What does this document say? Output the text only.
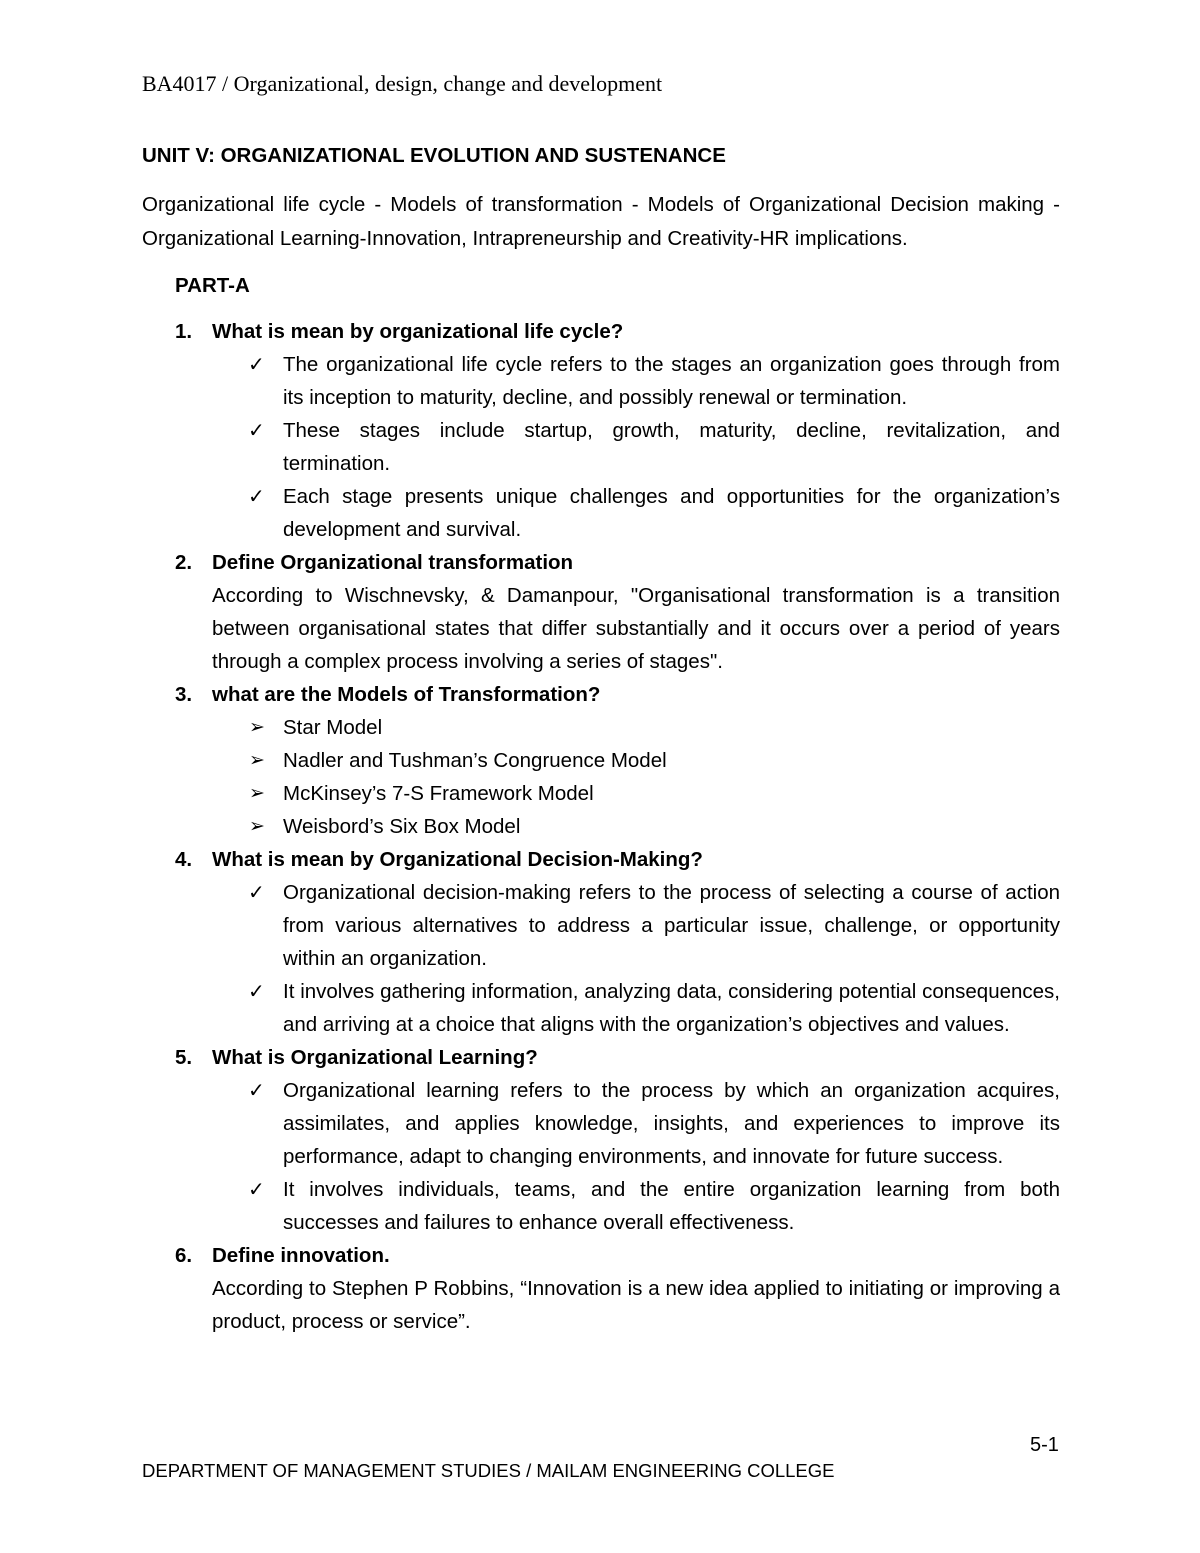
BA4017 / Organizational, design, change and development

UNIT V: ORGANIZATIONAL EVOLUTION AND SUSTENANCE

Organizational life cycle - Models of transformation - Models of Organizational Decision making - Organizational Learning-Innovation, Intrapreneurship and Creativity-HR implications.

PART-A

1. What is mean by organizational life cycle?
✓ The organizational life cycle refers to the stages an organization goes through from its inception to maturity, decline, and possibly renewal or termination.
✓ These stages include startup, growth, maturity, decline, revitalization, and termination.
✓ Each stage presents unique challenges and opportunities for the organization’s development and survival.
2. Define Organizational transformation
According to Wischnevsky, & Damanpour, "Organisational transformation is a transition between organisational states that differ substantially and it occurs over a period of years through a complex process involving a series of stages".
3. what are the Models of Transformation?
➢ Star Model
➢ Nadler and Tushman’s Congruence Model
➢ McKinsey’s 7-S Framework Model
➢ Weisbord’s Six Box Model
4. What is mean by Organizational Decision-Making?
✓ Organizational decision-making refers to the process of selecting a course of action from various alternatives to address a particular issue, challenge, or opportunity within an organization.
✓ It involves gathering information, analyzing data, considering potential consequences, and arriving at a choice that aligns with the organization’s objectives and values.
5. What is Organizational Learning?
✓ Organizational learning refers to the process by which an organization acquires, assimilates, and applies knowledge, insights, and experiences to improve its performance, adapt to changing environments, and innovate for future success.
✓ It involves individuals, teams, and the entire organization learning from both successes and failures to enhance overall effectiveness.
6. Define innovation.
According to Stephen P Robbins, “Innovation is a new idea applied to initiating or improving a product, process or service”.
5-1
DEPARTMENT OF MANAGEMENT STUDIES / MAILAM ENGINEERING COLLEGE
